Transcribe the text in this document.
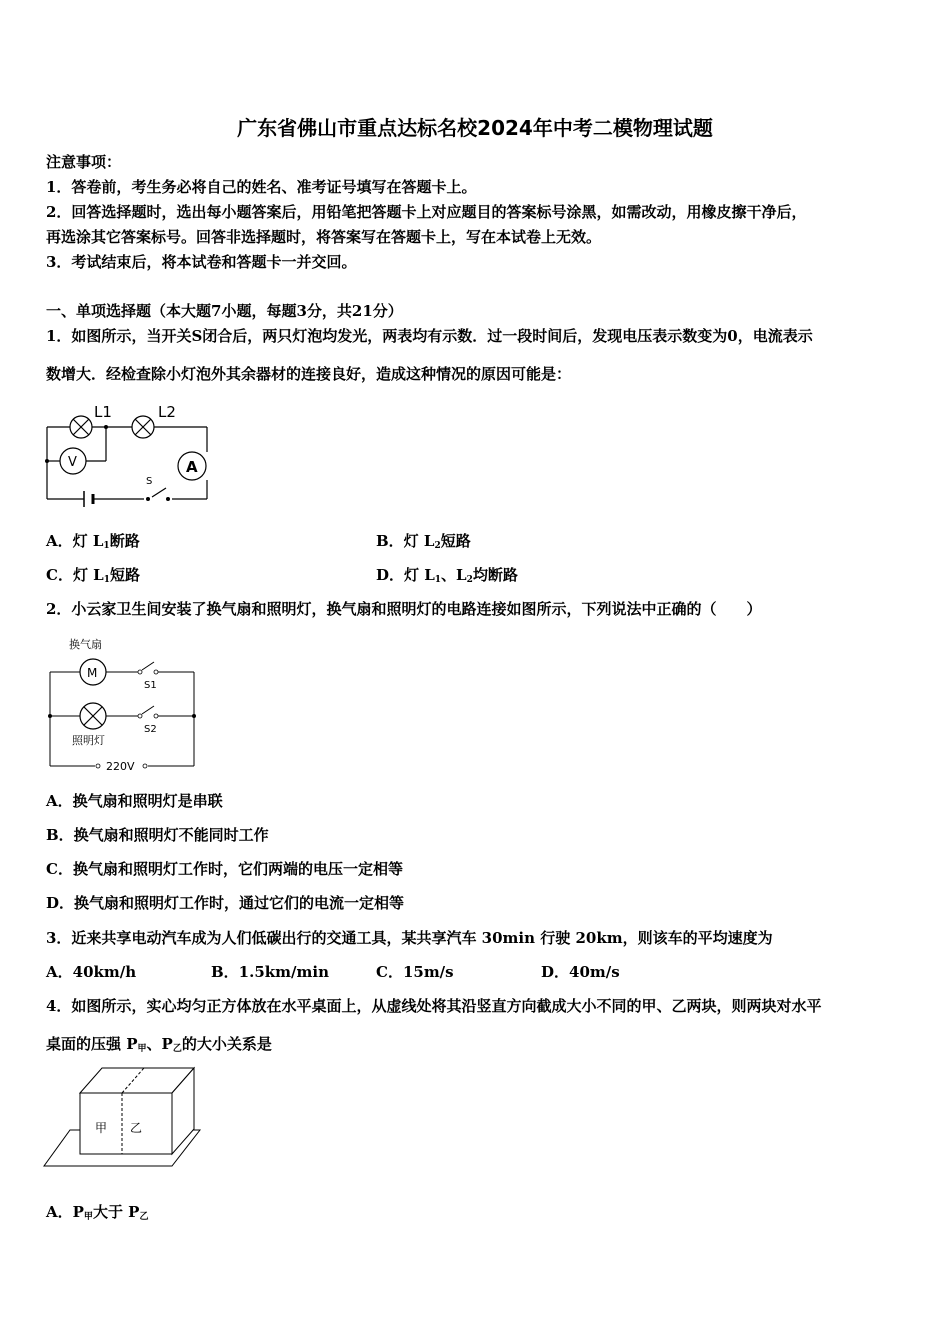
广东省佛山市重点达标名校2024年中考二模物理试题
注意事项：
1．答卷前，考生务必将自己的姓名、准考证号填写在答题卡上。
2．回答选择题时，选出每小题答案后，用铅笔把答题卡上对应题目的答案标号涂黑，如需改动，用橡皮擦干净后，
再选涂其它答案标号。回答非选择题时，将答案写在答题卡上，写在本试卷上无效。
3．考试结束后，将本试卷和答题卡一并交回。
一、单项选择题（本大题7小题，每题3分，共21分）
1．如图所示，当开关S闭合后，两只灯泡均发光，两表均有示数．过一段时间后，发现电压表示数变为0，电流表示
数增大．经检查除小灯泡外其余器材的连接良好，造成这种情况的原因可能是：
L1	L2
V	A
S
A．灯 $L_1$断路	B．灯 $L_2$短路
C．灯 $L_1$短路	D．灯 $L_1$、$L_2$均断路
2．小云家卫生间安装了换气扇和照明灯，换气扇和照明灯的电路连接如图所示，下列说法中正确的（　　）
换气扇
M
S1
S2
照明灯
220V
A．换气扇和照明灯是串联
B．换气扇和照明灯不能同时工作
C．换气扇和照明灯工作时，它们两端的电压一定相等
D．换气扇和照明灯工作时，通过它们的电流一定相等
3．近来共享电动汽车成为人们低碳出行的交通工具，某共享汽车 30min 行驶 20km，则该车的平均速度为
A．40km/h	B．1.5km/min	C．15m/s	D．40m/s
4．如图所示，实心均匀正方体放在水平桌面上，从虚线处将其沿竖直方向截成大小不同的甲、乙两块，则两块对水平
桌面的压强 $P_甲$、$P_乙$的大小关系是
甲 乙
A．$P_甲$大于 $P_乙$
